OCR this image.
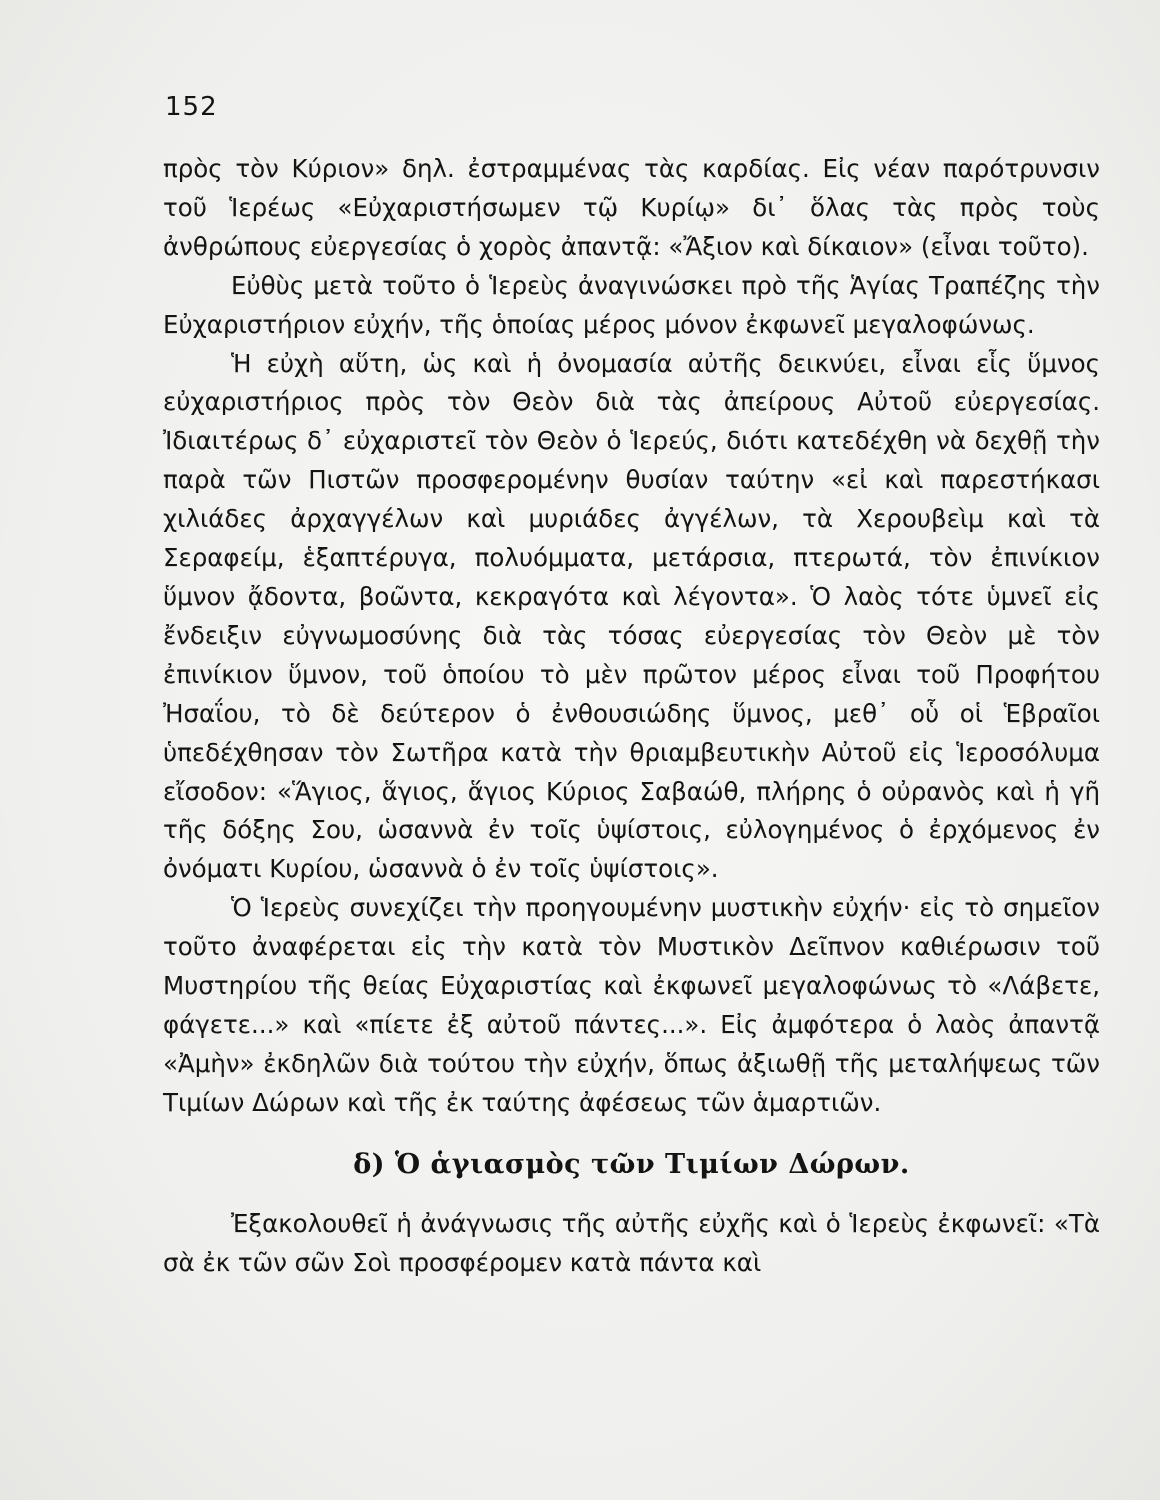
152

πρὸς τὸν Κύριον» δηλ. ἐστραμμένας τὰς καρδίας. Εἰς νέαν παρότρυνσιν τοῦ Ἱερέως «Εὐχαριστήσωμεν τῷ Κυρίῳ» δι᾿ ὅλας τὰς πρὸς τοὺς ἀνθρώπους εὐεργεσίας ὁ χορὸς ἀπαντᾷ: «Ἄξιον καὶ δίκαιον» (εἶναι τοῦτο).

Εὐθὺς μετὰ τοῦτο ὁ Ἱερεὺς ἀναγινώσκει πρὸ τῆς Ἁγίας Τραπέζης τὴν Εὐχαριστήριον εὐχήν, τῆς ὁποίας μέρος μόνον ἐκφωνεῖ μεγαλοφώνως.

Ἡ εὐχὴ αὕτη, ὡς καὶ ἡ ὀνομασία αὐτῆς δεικνύει, εἶναι εἷς ὕμνος εὐχαριστήριος πρὸς τὸν Θεὸν διὰ τὰς ἀπείρους Αὐτοῦ εὐεργεσίας. Ἰδιαιτέρως δ᾿ εὐχαριστεῖ τὸν Θεὸν ὁ Ἱερεύς, διότι κατεδέχθη νὰ δεχθῇ τὴν παρὰ τῶν Πιστῶν προσφερομένην θυσίαν ταύτην «εἰ καὶ παρεστήκασι χιλιάδες ἀρχαγγέλων καὶ μυριάδες ἀγγέλων, τὰ Χερουβεὶμ καὶ τὰ Σεραφείμ, ἑξαπτέρυγα, πολυόμματα, μετάρσια, πτερωτά, τὸν ἐπινίκιον ὕμνον ᾄδοντα, βοῶντα, κεκραγότα καὶ λέγοντα». Ὁ λαὸς τότε ὑμνεῖ εἰς ἔνδειξιν εὐγνωμοσύνης διὰ τὰς τόσας εὐεργεσίας τὸν Θεὸν μὲ τὸν ἐπινίκιον ὕμνον, τοῦ ὁποίου τὸ μὲν πρῶτον μέρος εἶναι τοῦ Προφήτου Ἠσαΐου, τὸ δὲ δεύτερον ὁ ἐνθουσιώδης ὕμνος, μεθ᾿ οὗ οἱ Ἑβραῖοι ὑπεδέχθησαν τὸν Σωτῆρα κατὰ τὴν θριαμβευτικὴν Αὐτοῦ εἰς Ἱεροσόλυμα εἴσοδον: «Ἅγιος, ἅγιος, ἅγιος Κύριος Σαβαώθ, πλήρης ὁ οὐρανὸς καὶ ἡ γῆ τῆς δόξης Σου, ὡσαννὰ ἐν τοῖς ὑψίστοις, εὐλογημένος ὁ ἐρχόμενος ἐν ὀνόματι Κυρίου, ὡσαννὰ ὁ ἐν τοῖς ὑψίστοις».

Ὁ Ἱερεὺς συνεχίζει τὴν προηγουμένην μυστικὴν εὐχήν· εἰς τὸ σημεῖον τοῦτο ἀναφέρεται εἰς τὴν κατὰ τὸν Μυστικὸν Δεῖπνον καθιέρωσιν τοῦ Μυστηρίου τῆς θείας Εὐχαριστίας καὶ ἐκφωνεῖ μεγαλοφώνως τὸ «Λάβετε, φάγετε...» καὶ «πίετε ἐξ αὐτοῦ πάντες...». Εἰς ἀμφότερα ὁ λαὸς ἀπαντᾷ «Ἀμὴν» ἐκδηλῶν διὰ τούτου τὴν εὐχήν, ὅπως ἀξιωθῇ τῆς μεταλήψεως τῶν Τιμίων Δώρων καὶ τῆς ἐκ ταύτης ἀφέσεως τῶν ἁμαρτιῶν.

δ) Ὁ ἁγιασμὸς τῶν Τιμίων Δώρων.

Ἐξακολουθεῖ ἡ ἀνάγνωσις τῆς αὐτῆς εὐχῆς καὶ ὁ Ἱερεὺς ἐκφωνεῖ: «Τὰ σὰ ἐκ τῶν σῶν Σοὶ προσφέρομεν κατὰ πάντα καὶ
